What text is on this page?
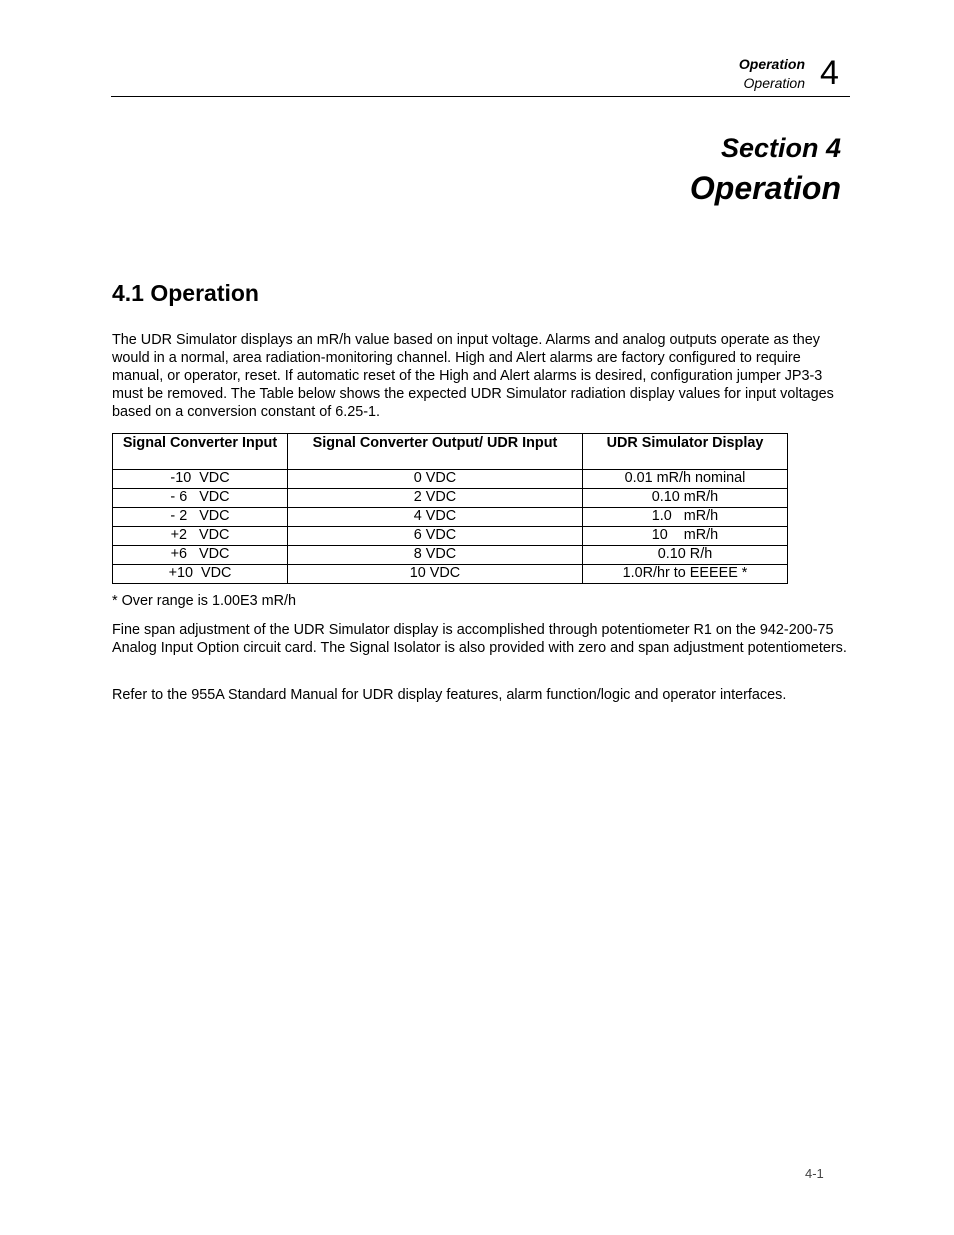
Operation
Operation 4
Section 4
Operation
4.1 Operation

The UDR Simulator displays an mR/h value based on input voltage. Alarms and analog outputs operate as they would in a normal, area radiation-monitoring channel. High and Alert alarms are factory configured to require manual, or operator, reset. If automatic reset of the High and Alert alarms is desired, configuration jumper JP3-3 must be removed. The Table below shows the expected UDR Simulator radiation display values for input voltages based on a conversion constant of 6.25-1.

Signal Converter Input	Signal Converter Output/ UDR Input	UDR Simulator Display
-10  VDC	0 VDC	0.01 mR/h nominal
- 6   VDC	2 VDC	0.10 mR/h
- 2   VDC	4 VDC	1.0   mR/h
+2   VDC	6 VDC	10    mR/h
+6   VDC	8 VDC	0.10 R/h
+10  VDC	10 VDC	1.0R/hr to EEEEE *

* Over range is 1.00E3 mR/h

Fine span adjustment of the UDR Simulator display is accomplished through potentiometer R1 on the 942-200-75 Analog Input Option circuit card. The Signal Isolator is also provided with zero and span adjustment potentiometers.

Refer to the 955A Standard Manual for UDR display features, alarm function/logic and operator interfaces.

4-1
